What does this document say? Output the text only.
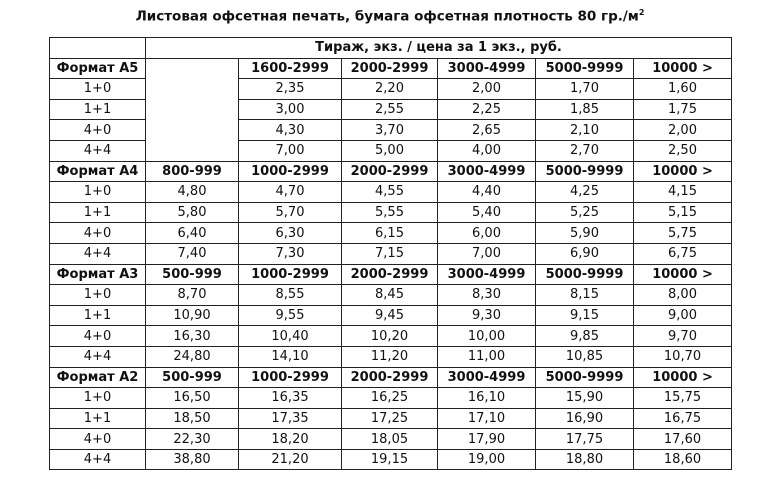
Листовая офсетная печать, бумага офсетная плотность 80 $гр./м^2$
	Тираж, экз. / цена за 1 экз., руб.					
Формат А5		1600-2999	2000-2999	3000-4999	5000-9999	10000 >
1+0		2,35	2,20	2,00	1,70	1,60
1+1		3,00	2,55	2,25	1,85	1,75
4+0		4,30	3,70	2,65	2,10	2,00
4+4		7,00	5,00	4,00	2,70	2,50
Формат А4	800-999	1000-2999	2000-2999	3000-4999	5000-9999	10000 >
1+0	4,80	4,70	4,55	4,40	4,25	4,15
1+1	5,80	5,70	5,55	5,40	5,25	5,15
4+0	6,40	6,30	6,15	6,00	5,90	5,75
4+4	7,40	7,30	7,15	7,00	6,90	6,75
Формат А3	500-999	1000-2999	2000-2999	3000-4999	5000-9999	10000 >
1+0	8,70	8,55	8,45	8,30	8,15	8,00
1+1	10,90	9,55	9,45	9,30	9,15	9,00
4+0	16,30	10,40	10,20	10,00	9,85	9,70
4+4	24,80	14,10	11,20	11,00	10,85	10,70
Формат А2	500-999	1000-2999	2000-2999	3000-4999	5000-9999	10000 >
1+0	16,50	16,35	16,25	16,10	15,90	15,75
1+1	18,50	17,35	17,25	17,10	16,90	16,75
4+0	22,30	18,20	18,05	17,90	17,75	17,60
4+4	38,80	21,20	19,15	19,00	18,80	18,60
